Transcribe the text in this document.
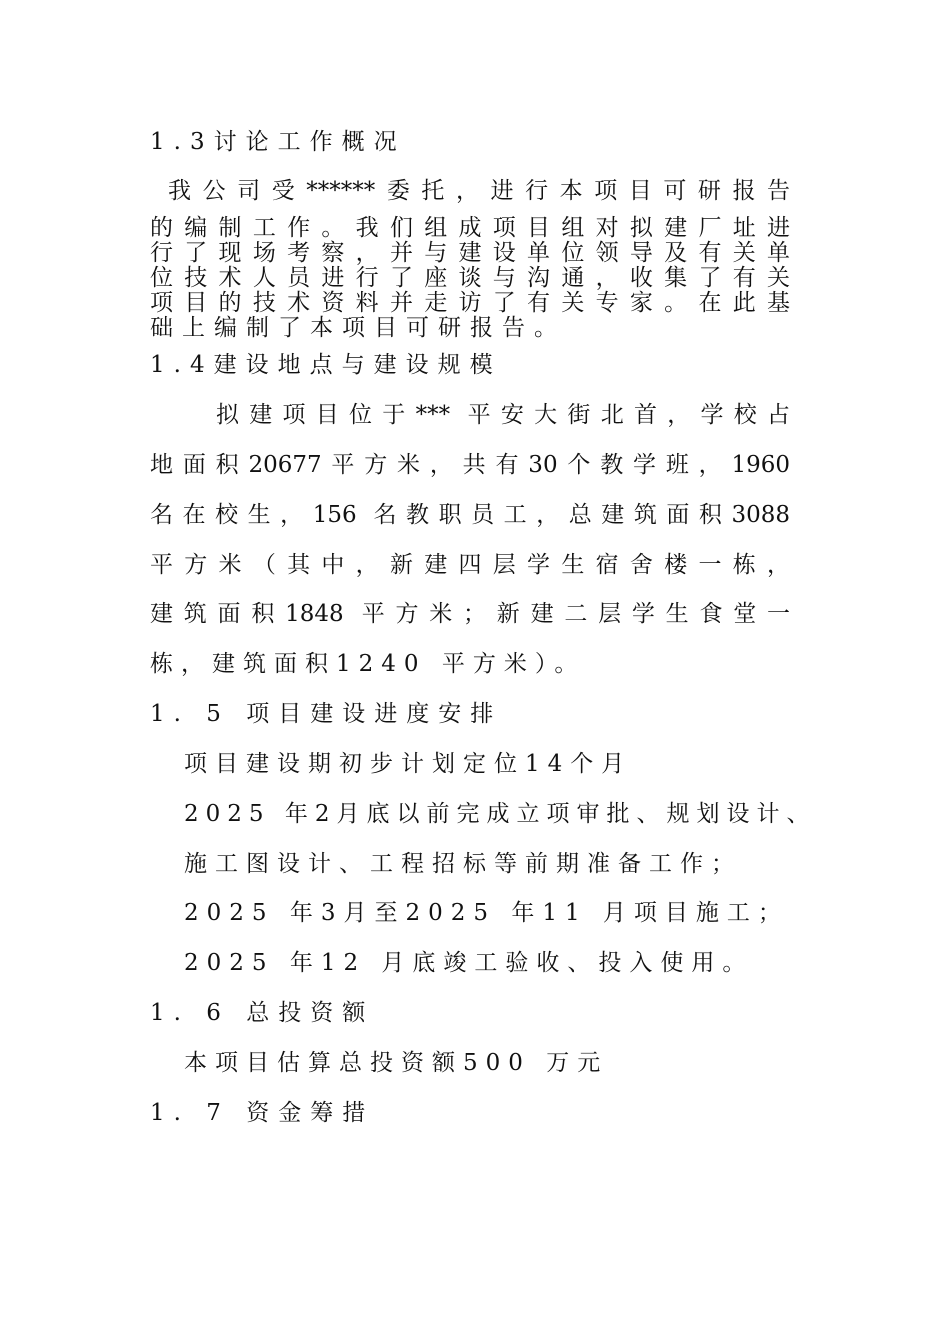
1.3讨论工作概况
我公司受******委托，进行本项目可研报告
的编制工作。我们组成项目组对拟建厂址进
行了现场考察，并与建设单位领导及有关单
位技术人员进行了座谈与沟通，收集了有关
项目的技术资料并走访了有关专家。在此基
础上编制了本项目可研报告。
1.4建设地点与建设规模
拟建项目位于*** 平安大街北首，学校占
地面积20677平方米，共有30个教学班，1960
名在校生，156 名教职员工，总建筑面积3088
平方米（其中，新建四层学生宿舍楼一栋，
建筑面积1848 平方米；新建二层学生食堂一
栋，建筑面积1240 平方米）。
1. 5 项目建设进度安排
项目建设期初步计划定位14个月
2025 年2月底以前完成立项审批、规划设计、
施工图设计、工程招标等前期准备工作；
2025 年3月至2025 年11 月项目施工；
2025 年12 月底竣工验收、投入使用。
1. 6 总投资额
本项目估算总投资额500 万元
1. 7 资金筹措
